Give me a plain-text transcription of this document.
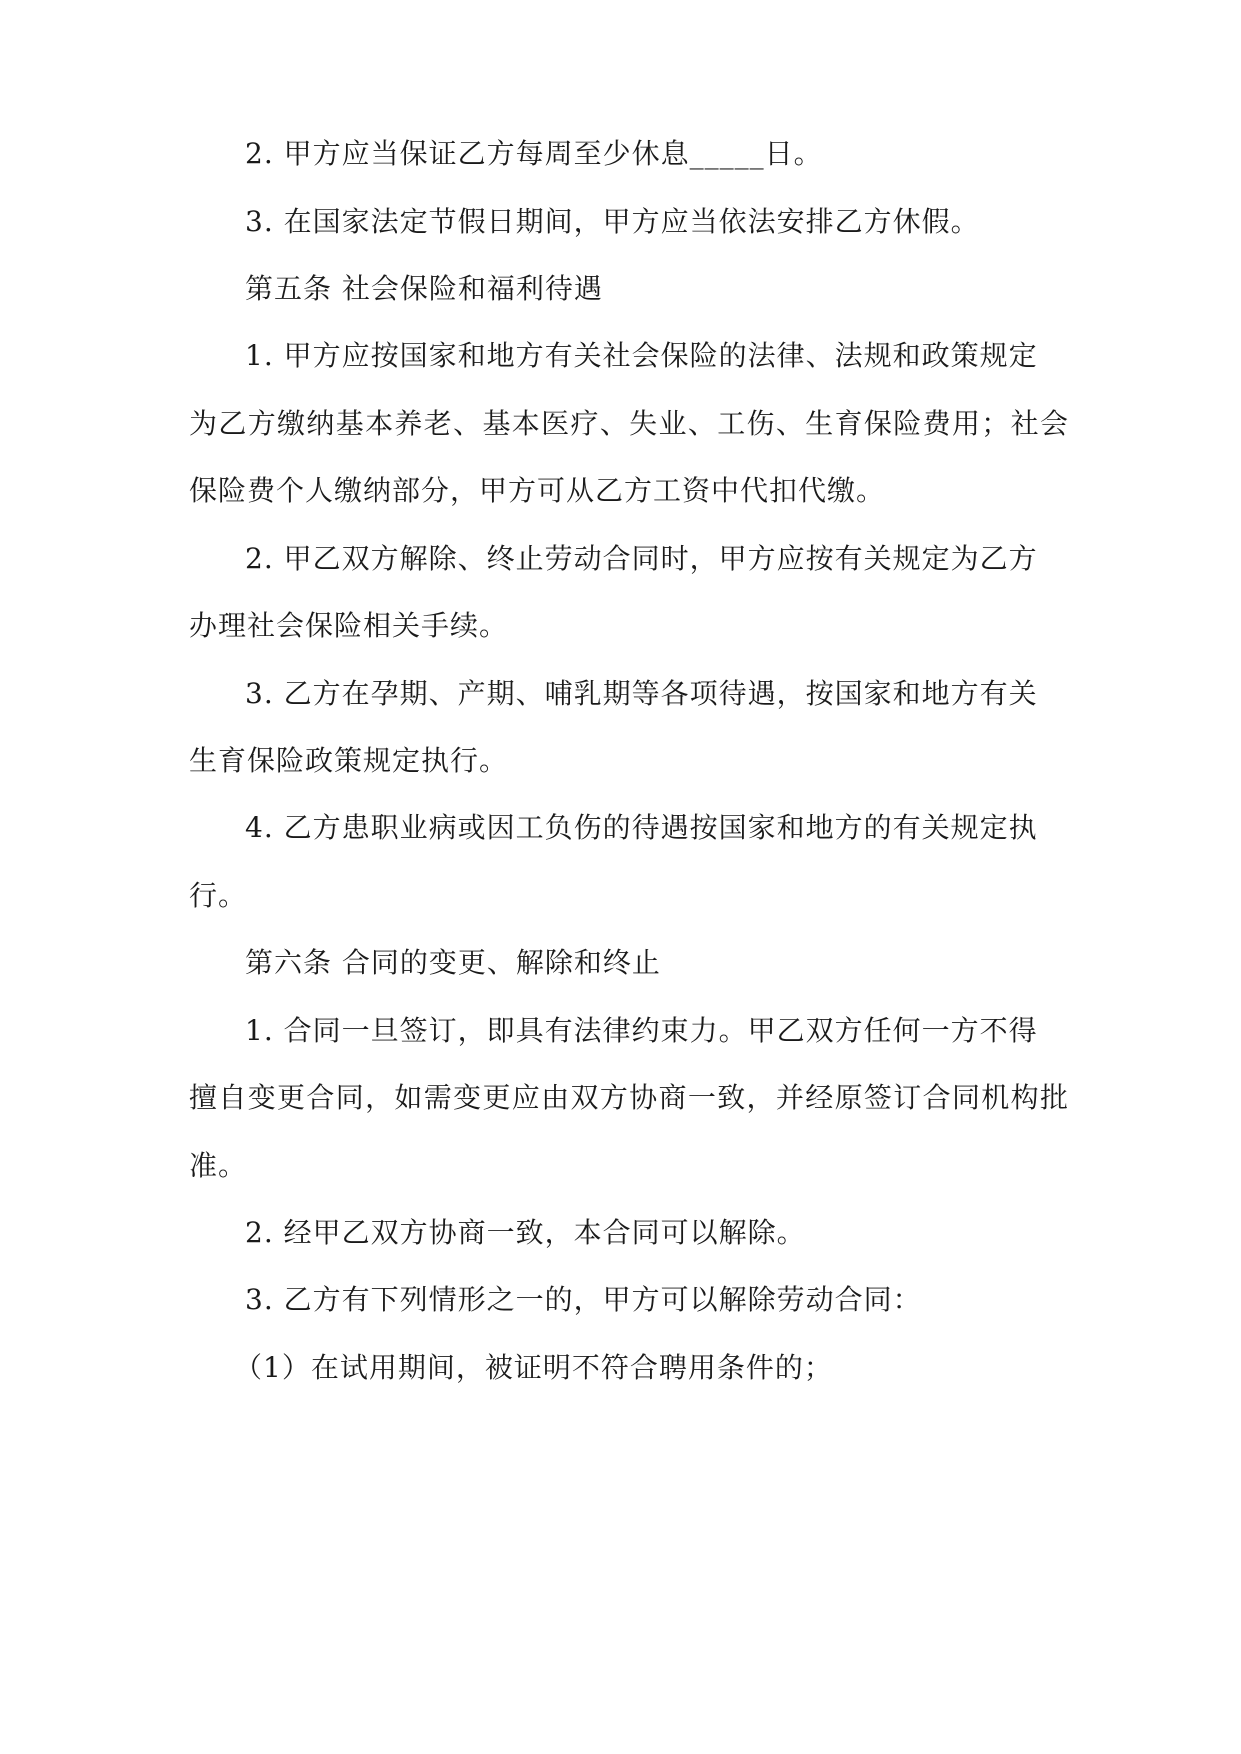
2. 甲方应当保证乙方每周至少休息_____日。
3. 在国家法定节假日期间，甲方应当依法安排乙方休假。
第五条 社会保险和福利待遇
1. 甲方应按国家和地方有关社会保险的法律、法规和政策规定
为乙方缴纳基本养老、基本医疗、失业、工伤、生育保险费用；社会
保险费个人缴纳部分，甲方可从乙方工资中代扣代缴。
2. 甲乙双方解除、终止劳动合同时，甲方应按有关规定为乙方
办理社会保险相关手续。
3. 乙方在孕期、产期、哺乳期等各项待遇，按国家和地方有关
生育保险政策规定执行。
4. 乙方患职业病或因工负伤的待遇按国家和地方的有关规定执
行。
第六条 合同的变更、解除和终止
1. 合同一旦签订，即具有法律约束力。甲乙双方任何一方不得
擅自变更合同，如需变更应由双方协商一致，并经原签订合同机构批
准。
2. 经甲乙双方协商一致，本合同可以解除。
3. 乙方有下列情形之一的，甲方可以解除劳动合同：
（1）在试用期间，被证明不符合聘用条件的；
